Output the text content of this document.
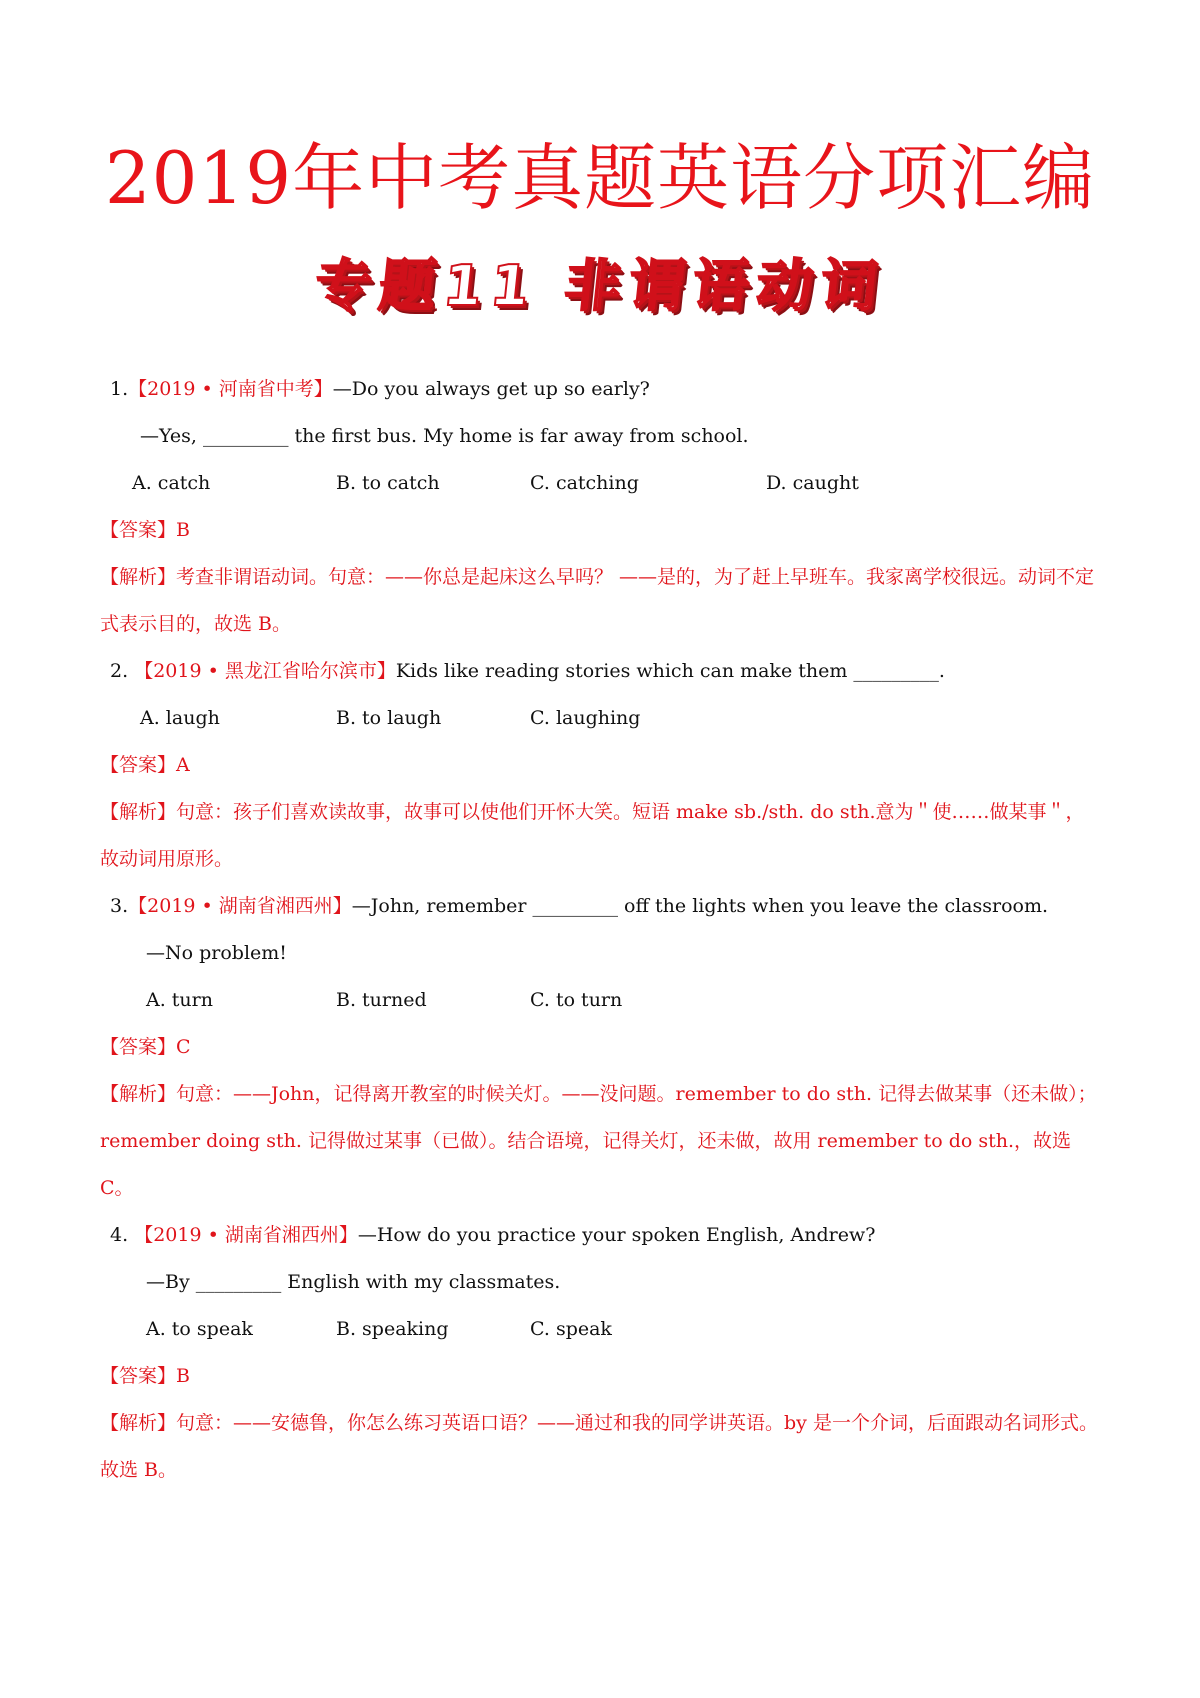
2019年中考真题英语分项汇编
专题11 非谓语动词
1.【2019 • 河南省中考】—Do you always get up so early?
—Yes, _________ the first bus. My home is far away from school.
A. catch	B. to catch	C. catching	D. caught
【答案】B
【解析】考查非谓语动词。句意：——你总是起床这么早吗？ ——是的，为了赶上早班车。我家离学校很远。动词不定式表示目的，故选 B。
2. 【2019 • 黑龙江省哈尔滨市】Kids like reading stories which can make them _________.
A. laugh	B. to laugh	C. laughing
【答案】A
【解析】句意：孩子们喜欢读故事，故事可以使他们开怀大笑。短语 make sb./sth. do sth.意为＂使……做某事＂，故动词用原形。
3.【2019 • 湖南省湘西州】—John, remember _________ off the lights when you leave the classroom.
—No problem!
A. turn	B. turned	C. to turn
【答案】C
【解析】句意：——John，记得离开教室的时候关灯。——没问题。remember to do sth. 记得去做某事（还未做）；remember doing sth. 记得做过某事（已做）。结合语境，记得关灯，还未做，故用 remember to do sth.，故选 C。
4. 【2019 • 湖南省湘西州】—How do you practice your spoken English, Andrew?
—By _________ English with my classmates.
A. to speak	B. speaking	C. speak
【答案】B
【解析】句意：——安德鲁，你怎么练习英语口语？——通过和我的同学讲英语。by 是一个介词，后面跟动名词形式。故选 B。
